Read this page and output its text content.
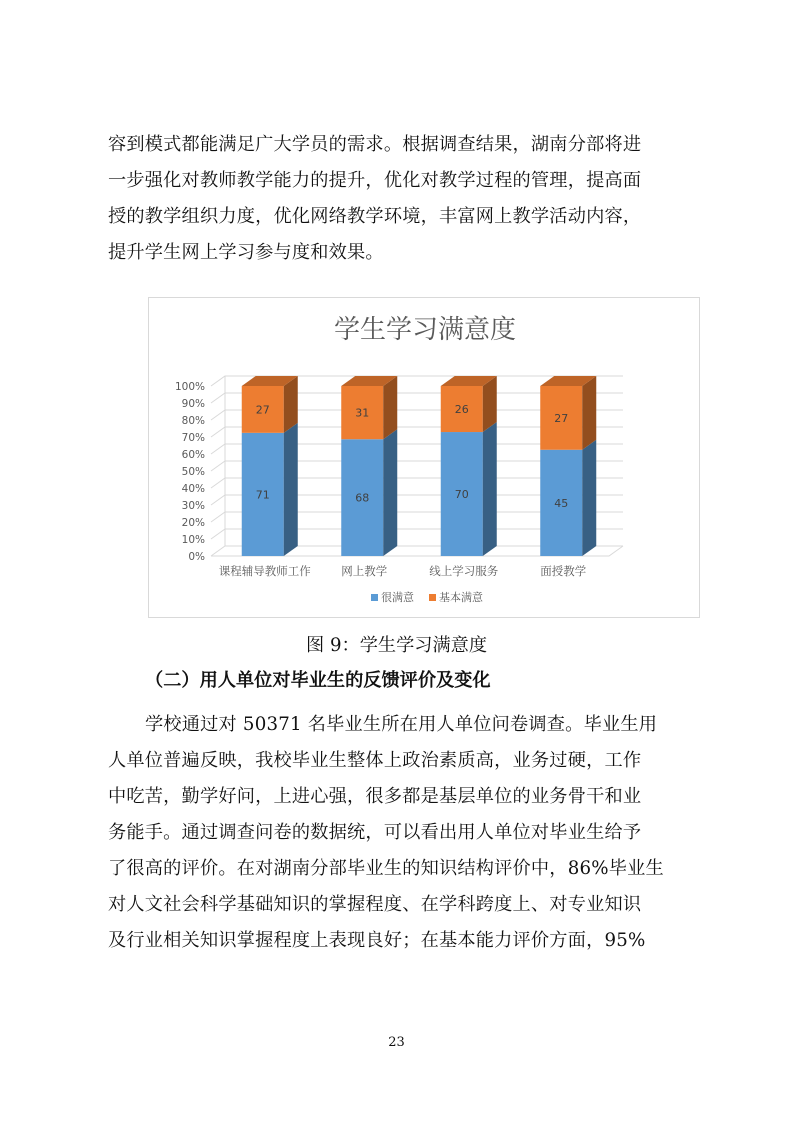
容到模式都能满足广大学员的需求。根据调查结果，湖南分部将进
一步强化对教师教学能力的提升，优化对教学过程的管理，提高面
授的教学组织力度，优化网络教学环境，丰富网上教学活动内容，
提升学生网上学习参与度和效果。
学生学习满意度
0%
10%
20%
30%
40%
50%
60%
70%
80%
90%
100%
71
27
68
31
70
26
45
27
课程辅导教师工作	网上教学	线上学习服务	面授教学
很满意 基本满意

图 9：学生学习满意度

（二）用人单位对毕业生的反馈评价及变化

学校通过对 50371 名毕业生所在用人单位问卷调查。毕业生用
人单位普遍反映，我校毕业生整体上政治素质高，业务过硬，工作
中吃苦，勤学好问，上进心强，很多都是基层单位的业务骨干和业
务能手。通过调查问卷的数据统，可以看出用人单位对毕业生给予
了很高的评价。在对湖南分部毕业生的知识结构评价中，86%毕业生
对人文社会科学基础知识的掌握程度、在学科跨度上、对专业知识
及行业相关知识掌握程度上表现良好；在基本能力评价方面，95%
23
